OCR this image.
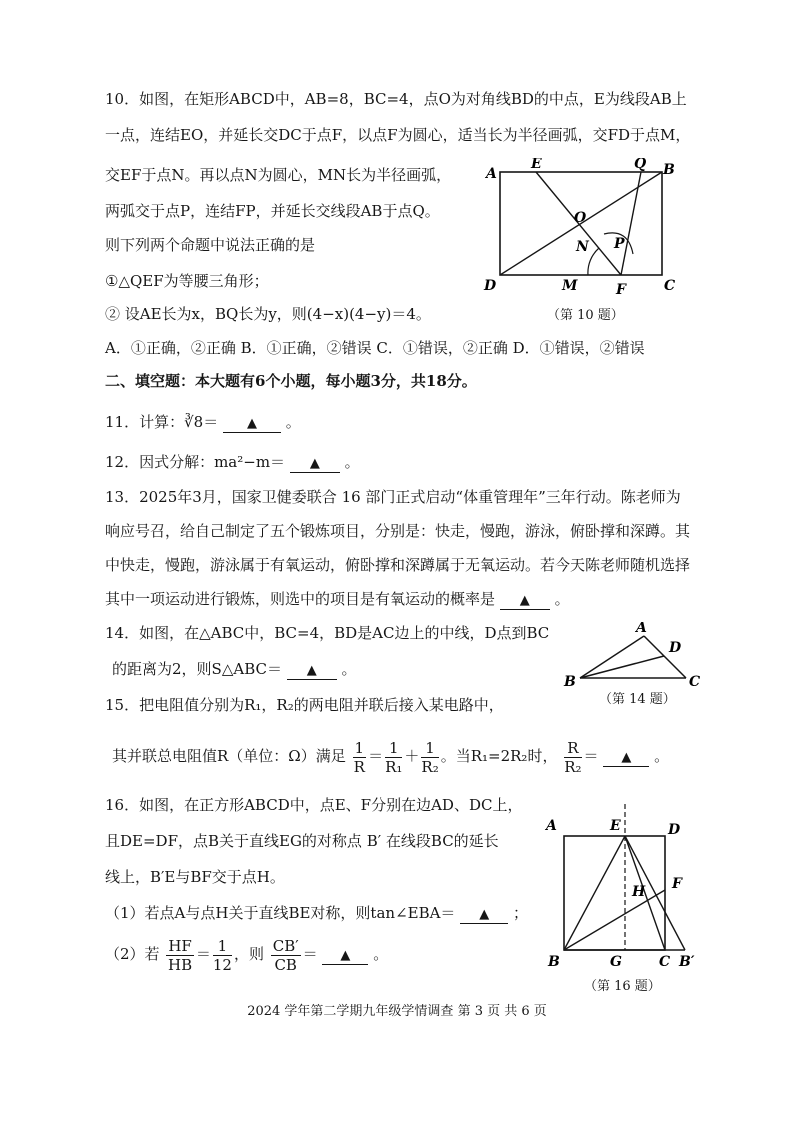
10．如图，在矩形ABCD中，AB=8，BC=4，点O为对角线BD的中点，E为线段AB上
一点，连结EO，并延长交DC于点F，以点F为圆心，适当长为半径画弧，交FD于点M，
交EF于点N。再以点N为圆心，MN长为半径画弧，
两弧交于点P，连结FP，并延长交线段AB于点Q。
则下列两个命题中说法正确的是
①△QEF为等腰三角形；
② 设AE长为x，BQ长为y，则(4−x)(4−y)＝4。
A．①正确，②正确 B．①正确，②错误 C．①错误，②正确 D．①错误，②错误
A
E	Q B
O
N P
D	M	F	C
（第 10 题）
二、填空题：本大题有6个小题，每小题3分，共18分。
11．计算：∛8＝ ▲ 。
12．因式分解：ma²−m＝ ▲ 。
13．2025年3月，国家卫健委联合 16 部门正式启动“体重管理年”三年行动。陈老师为
响应号召，给自己制定了五个锻炼项目，分别是：快走，慢跑，游泳，俯卧撑和深蹲。其
中快走，慢跑，游泳属于有氧运动，俯卧撑和深蹲属于无氧运动。若今天陈老师随机选择
其中一项运动进行锻炼，则选中的项目是有氧运动的概率是 ▲ 。
14．如图，在△ABC中，BC=4，BD是AC边上的中线，D点到BC
的距离为2，则S△ABC＝ ▲ 。
A
D
B	C
（第 14 题）
15．把电阻值分别为R₁，R₂的两电阻并联后接入某电路中，
其并联总电阻值R（单位：Ω）满足 $\frac{1}{R} = \frac{1}{\text{R₁}} + \frac{1}{\text{R₂}}$ 。当R₁=2R₂时， $\frac{R}{\text{R₂}}$ ＝ ▲ 。
16．如图，在正方形ABCD中，点E、F分别在边AD、DC上，
且DE=DF，点B关于直线EG的对称点 B′ 在线段BC的延长
线上，B′E与BF交于点H。
（1）若点A与点H关于直线BE对称，则tan∠EBA＝ ▲ ；
（2）若 $\frac{HF}{HB} = \frac{1}{12}$ ，则 $\frac{CB'}{CB}$ ＝ ▲ 。
A	E	D
H F
B	G	C B′
（第 16 题）
2024 学年第二学期九年级学情调查 第 3 页 共 6 页
